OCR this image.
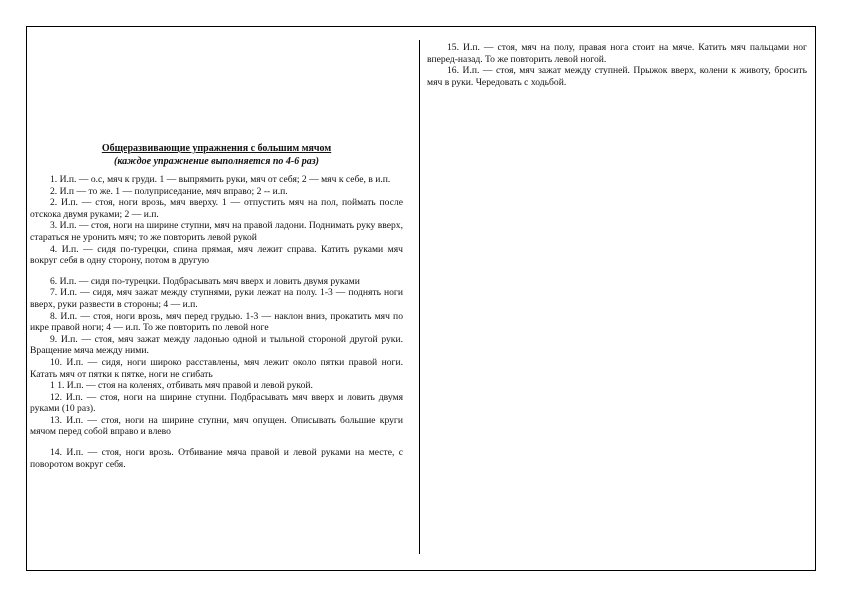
Общеразвивающие упражнения с большим мячом

(каждое упражнение выполняется по 4-6 раз)

1. И.п. — о.с, мяч к груди. 1 — выпрямить руки, мяч от себя; 2 — мяч к себе, в и.п.

2. И.п — то же. 1 — полуприседание, мяч вправо; 2 -- и.п.

2. И.п. — стоя, ноги врозь, мяч вверху. 1 — отпустить мяч на пол, поймать после отскока двумя руками; 2 — и.п.

3. И.п. — стоя, ноги на ширине ступни, мяч на правой ладони. Поднимать руку вверх, стараться не уронить мяч; то же повторить левой рукой

4. И.п. — сидя по-турецки, спина прямая, мяч лежит справа. Катить руками мяч вокруг себя в одну сторону, потом в другую

6. И.п. — сидя по-турецки. Подбрасывать мяч вверх и ловить двумя руками

7. И.п. — сидя, мяч зажат между ступнями, руки лежат на полу. 1-3 — поднять ноги вверх, руки развести в стороны; 4 — и.п.

8. И.п. — стоя, ноги врозь, мяч перед грудью. 1-3 — наклон вниз, прокатить мяч по икре правой ноги; 4 — и.п. То же повторить по левой ноге

9. И.п. — стоя, мяч зажат между ладонью одной и тыльной стороной другой руки. Вращение мяча между ними.

10. И.п. — сидя, ноги широко расставлены, мяч лежит около пятки правой ноги. Катать мяч от пятки к пятке, ноги не сгибать

1 1. И.п. — стоя на коленях, отбивать мяч правой и левой рукой.

12. И.п. — стоя, ноги на ширине ступни. Подбрасывать мяч вверх и ловить двумя руками (10 раз).

13. И.п. — стоя, ноги на ширине ступни, мяч опущен. Описывать большие круги мячом перед собой вправо и влево

14. И.п. — стоя, ноги врозь. Отбивание мяча правой и левой руками на месте, с поворотом вокруг себя.

15. И.п. — стоя, мяч на полу, правая нога стоит на мяче. Катить мяч пальцами ног вперед-назад. То же повторить левой ногой.

16. И.п. — стоя, мяч зажат между ступней. Прыжок вверх, колени к животу, бросить мяч в руки. Чередовать с ходьбой.
